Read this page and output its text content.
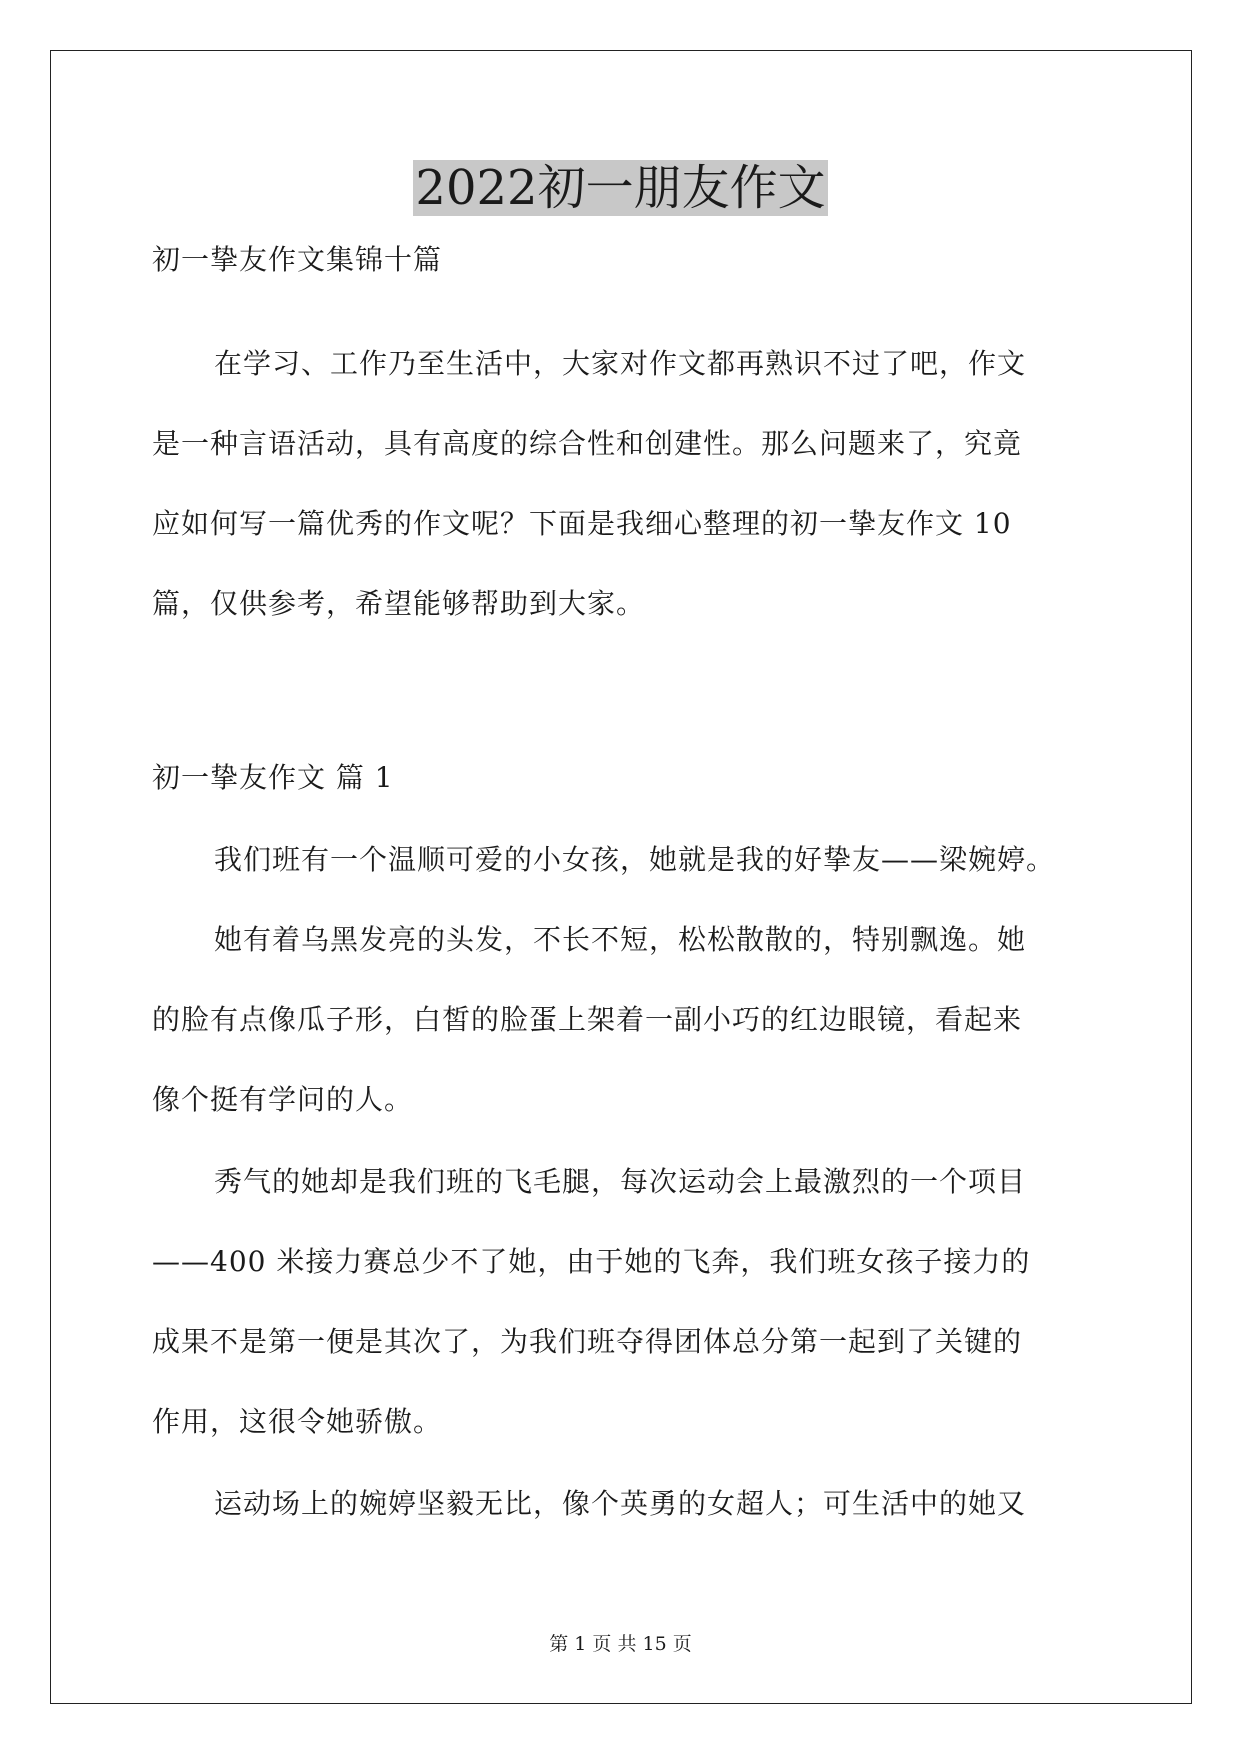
2022初一朋友作文
初一挚友作文集锦十篇
在学习、工作乃至生活中，大家对作文都再熟识不过了吧，作文
是一种言语活动，具有高度的综合性和创建性。那么问题来了，究竟
应如何写一篇优秀的作文呢？下面是我细心整理的初一挚友作文 10
篇，仅供参考，希望能够帮助到大家。
初一挚友作文 篇 1
我们班有一个温顺可爱的小女孩，她就是我的好挚友——梁婉婷。
她有着乌黑发亮的头发，不长不短，松松散散的，特别飘逸。她
的脸有点像瓜子形，白皙的脸蛋上架着一副小巧的红边眼镜，看起来
像个挺有学问的人。
秀气的她却是我们班的飞毛腿，每次运动会上最激烈的一个项目
——400 米接力赛总少不了她，由于她的飞奔，我们班女孩子接力的
成果不是第一便是其次了，为我们班夺得团体总分第一起到了关键的
作用，这很令她骄傲。
运动场上的婉婷坚毅无比，像个英勇的女超人；可生活中的她又
第 1 页 共 15 页
